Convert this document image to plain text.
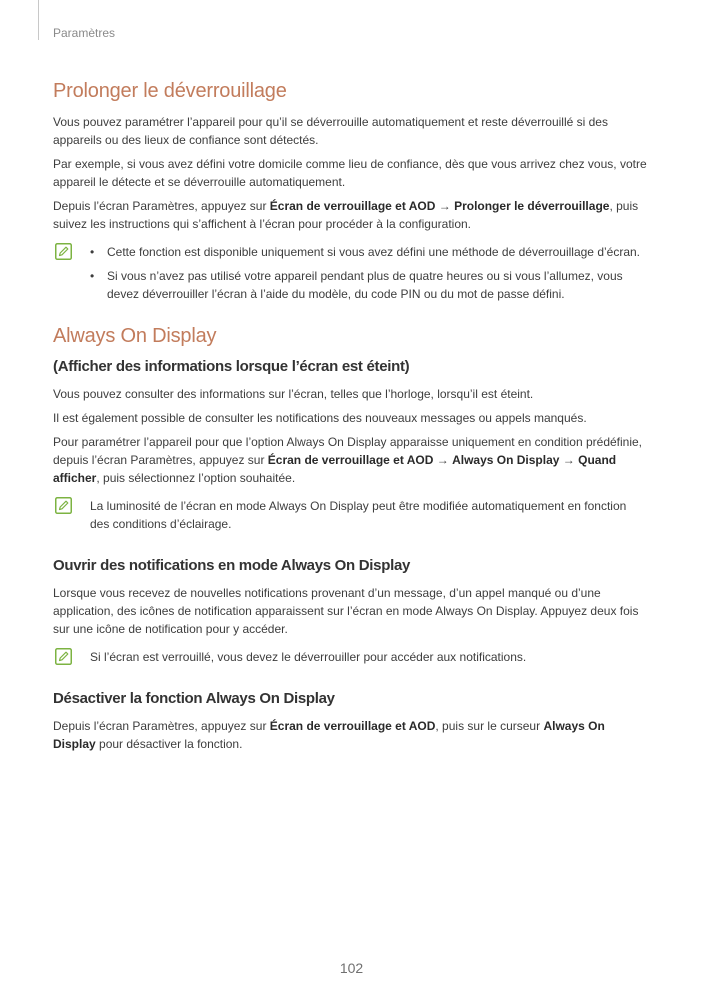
Paramètres
Prolonger le déverrouillage

Vous pouvez paramétrer l’appareil pour qu’il se déverrouille automatiquement et reste déverrouillé si des appareils ou des lieux de confiance sont détectés.

Par exemple, si vous avez défini votre domicile comme lieu de confiance, dès que vous arrivez chez vous, votre appareil le détecte et se déverrouille automatiquement.

Depuis l’écran Paramètres, appuyez sur Écran de verrouillage et AOD → Prolonger le déverrouillage, puis suivez les instructions qui s’affichent à l’écran pour procéder à la configuration.

• Cette fonction est disponible uniquement si vous avez défini une méthode de déverrouillage d’écran.
• Si vous n’avez pas utilisé votre appareil pendant plus de quatre heures ou si vous l’allumez, vous devez déverrouiller l’écran à l’aide du modèle, du code PIN ou du mot de passe défini.
Always On Display
(Afficher des informations lorsque l’écran est éteint)

Vous pouvez consulter des informations sur l’écran, telles que l’horloge, lorsqu’il est éteint.

Il est également possible de consulter les notifications des nouveaux messages ou appels manqués.

Pour paramétrer l’appareil pour que l’option Always On Display apparaisse uniquement en condition prédéfinie, depuis l’écran Paramètres, appuyez sur Écran de verrouillage et AOD → Always On Display → Quand afficher, puis sélectionnez l’option souhaitée.

La luminosité de l’écran en mode Always On Display peut être modifiée automatiquement en fonction des conditions d’éclairage.
Ouvrir des notifications en mode Always On Display

Lorsque vous recevez de nouvelles notifications provenant d’un message, d’un appel manqué ou d’une application, des icônes de notification apparaissent sur l’écran en mode Always On Display. Appuyez deux fois sur une icône de notification pour y accéder.

Si l’écran est verrouillé, vous devez le déverrouiller pour accéder aux notifications.
Désactiver la fonction Always On Display

Depuis l’écran Paramètres, appuyez sur Écran de verrouillage et AOD, puis sur le curseur Always On Display pour désactiver la fonction.

102
